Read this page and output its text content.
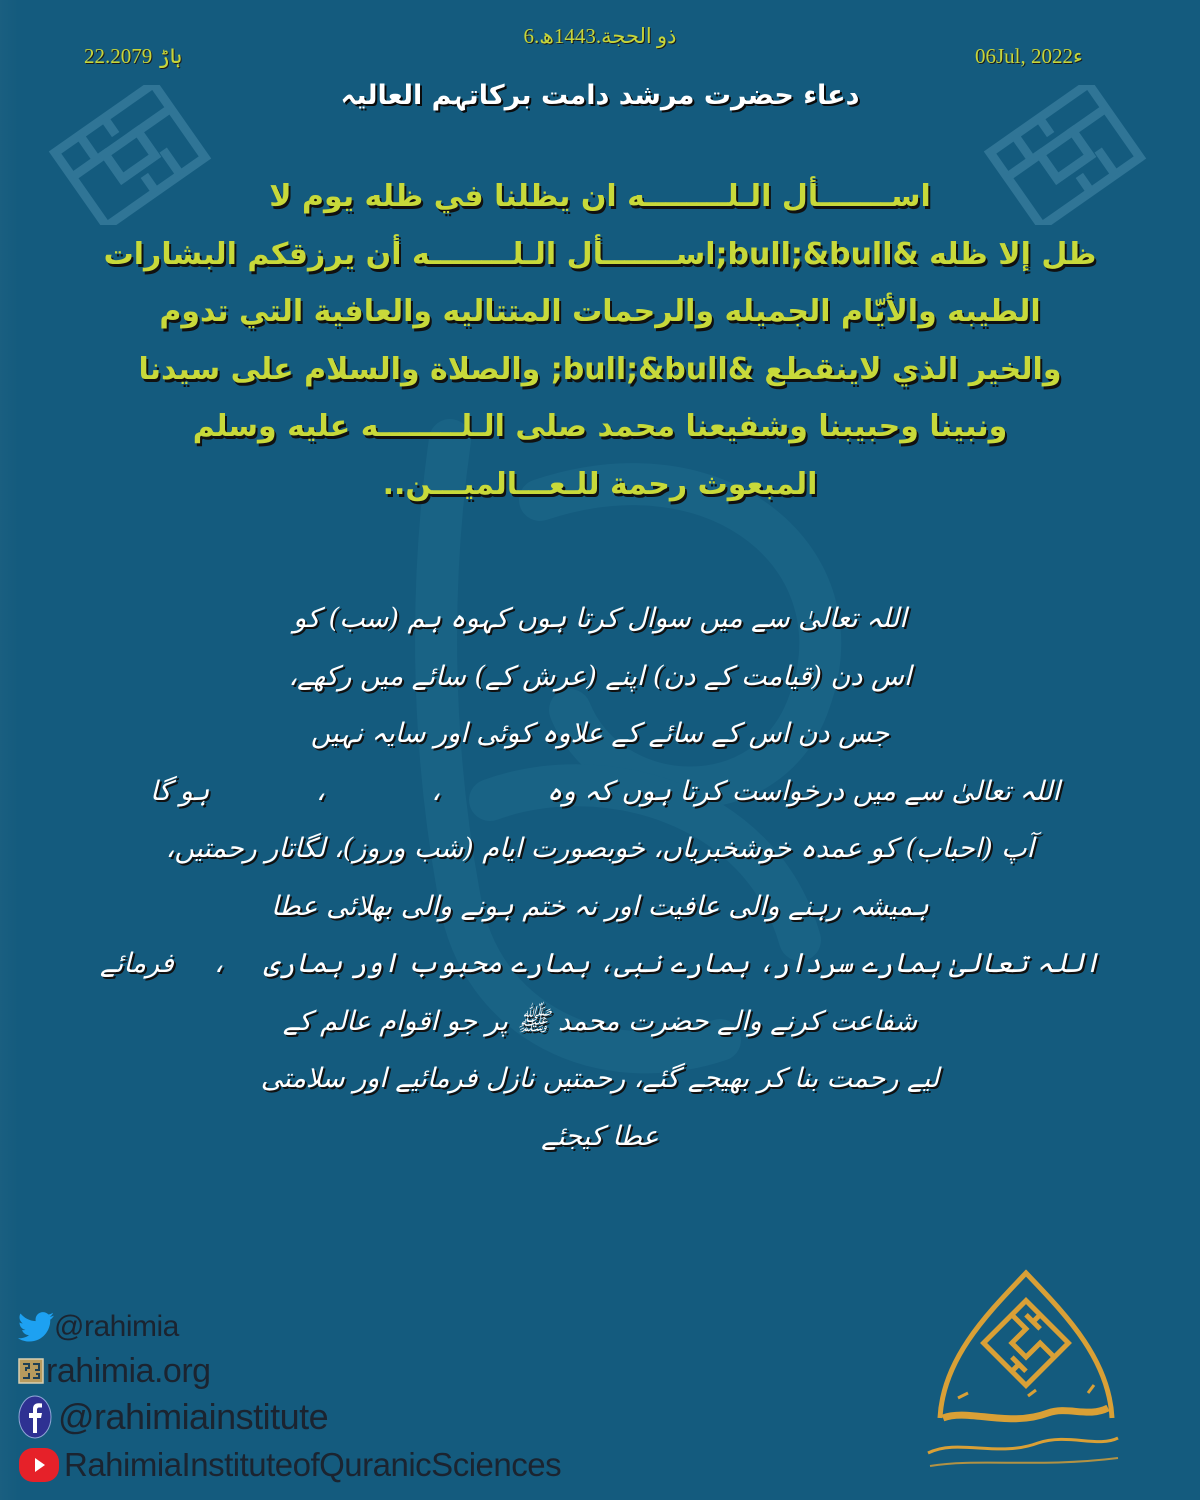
6.ذو الحجة.1443ھ
22.ہاڑ 2079	06Jul, 2022ء
دعاء حضرت مرشد دامت برکاتہم العالیہ
اســـــــأل الـلــــــــه ان يظلنا في ظله يوم لا
ظل إلا ظله &bull;&bull;اســـــــأل الـلــــــــه أن يرزقكم البشارات
الطيبه والأيّام الجميله والرحمات المتتاليه والعافية التي تدوم
والخير الذي لاينقطع &bull;&bull; والصلاة والسلام على سيدنا
ونبينا وحبيبنا وشفيعنا محمد صلى الـلــــــــه عليه وسلم
المبعوث رحمة للـعـــالميـــن..
اللہ تعالیٰ سے میں سوال کرتا ہوں کہوہ ہم (سب) کو
اس دن (قیامت کے دن) اپنے (عرش کے) سائے میں رکھے،
جس دن اس کے سائے کے علاوہ کوئی اور سایہ نہیں
اللہ تعالیٰ سے میں درخواست کرتا ہوں کہ وہ
،
،
ہو گا
آپ (احباب) کو عمدہ خوشخبریاں، خوبصورت ایام (شب وروز)، لگاتار رحمتیں،
ہمیشہ رہنے والی عافیت اور نہ ختم ہونے والی بھلائی عطا
اللہ تعالیٰ ہمارے سردار، ہمارے نبی، ہمارے محبوب اور ہماری
،
فرمائے
شفاعت کرنے والے حضرت محمد ﷺ پر جو اقوام عالم کے
لیے رحمت بنا کر بھیجے گئے، رحمتیں نازل فرمائیے اور سلامتی
عطا کیجئے
@rahimia
rahimia.org
@rahimiainstitute
RahimiaInstituteofQuranicSciences
